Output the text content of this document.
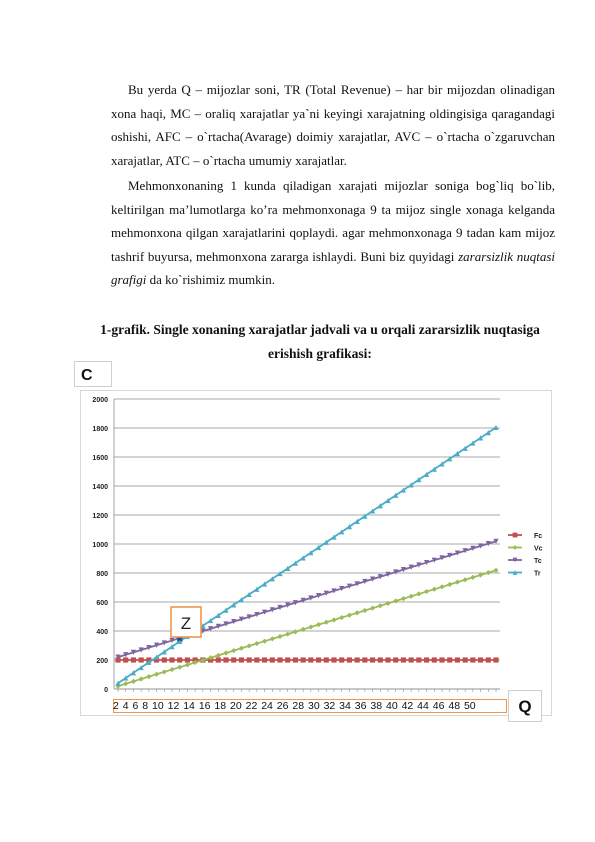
Bu yerda Q – mijozlar soni, TR (Total Revenue) – har bir mijozdan olinadigan xona haqi, MC – oraliq xarajatlar ya`ni keyingi xarajatning oldingisiga qaragandagi oshishi, AFC – o`rtacha(Avarage) doimiy xarajatlar, AVC – o`rtacha o`zgaruvchan xarajatlar, ATC – o`rtacha umumiy xarajatlar.

Mehmonxonaning 1 kunda qiladigan xarajati mijozlar soniga bog`liq bo`lib, keltirilgan ma’lumotlarga ko’ra mehmonxonaga 9 ta mijoz single xonaga kelganda mehmonxona qilgan xarajatlarini qoplaydi. agar mehmonxonaga 9 tadan kam mijoz tashrif buyursa, mehmonxona zararga ishlaydi. Buni biz quyidagi zararsizlik nuqtasi grafigi da ko`rishimiz mumkin.

1-grafik. Single xonaning xarajatlar jadvali va u orqali zararsizlik nuqtasiga erishish grafikasi:
0
200
400
600
800
1000
1200
1400
1600
1800
2000
Fc
Vc
Tc
Tr
Z
C
2 4 6 8 10 12 14 16 18 20 22 24 26 28 30 32 34 36 38 40 42 44 46 48 50	Q
